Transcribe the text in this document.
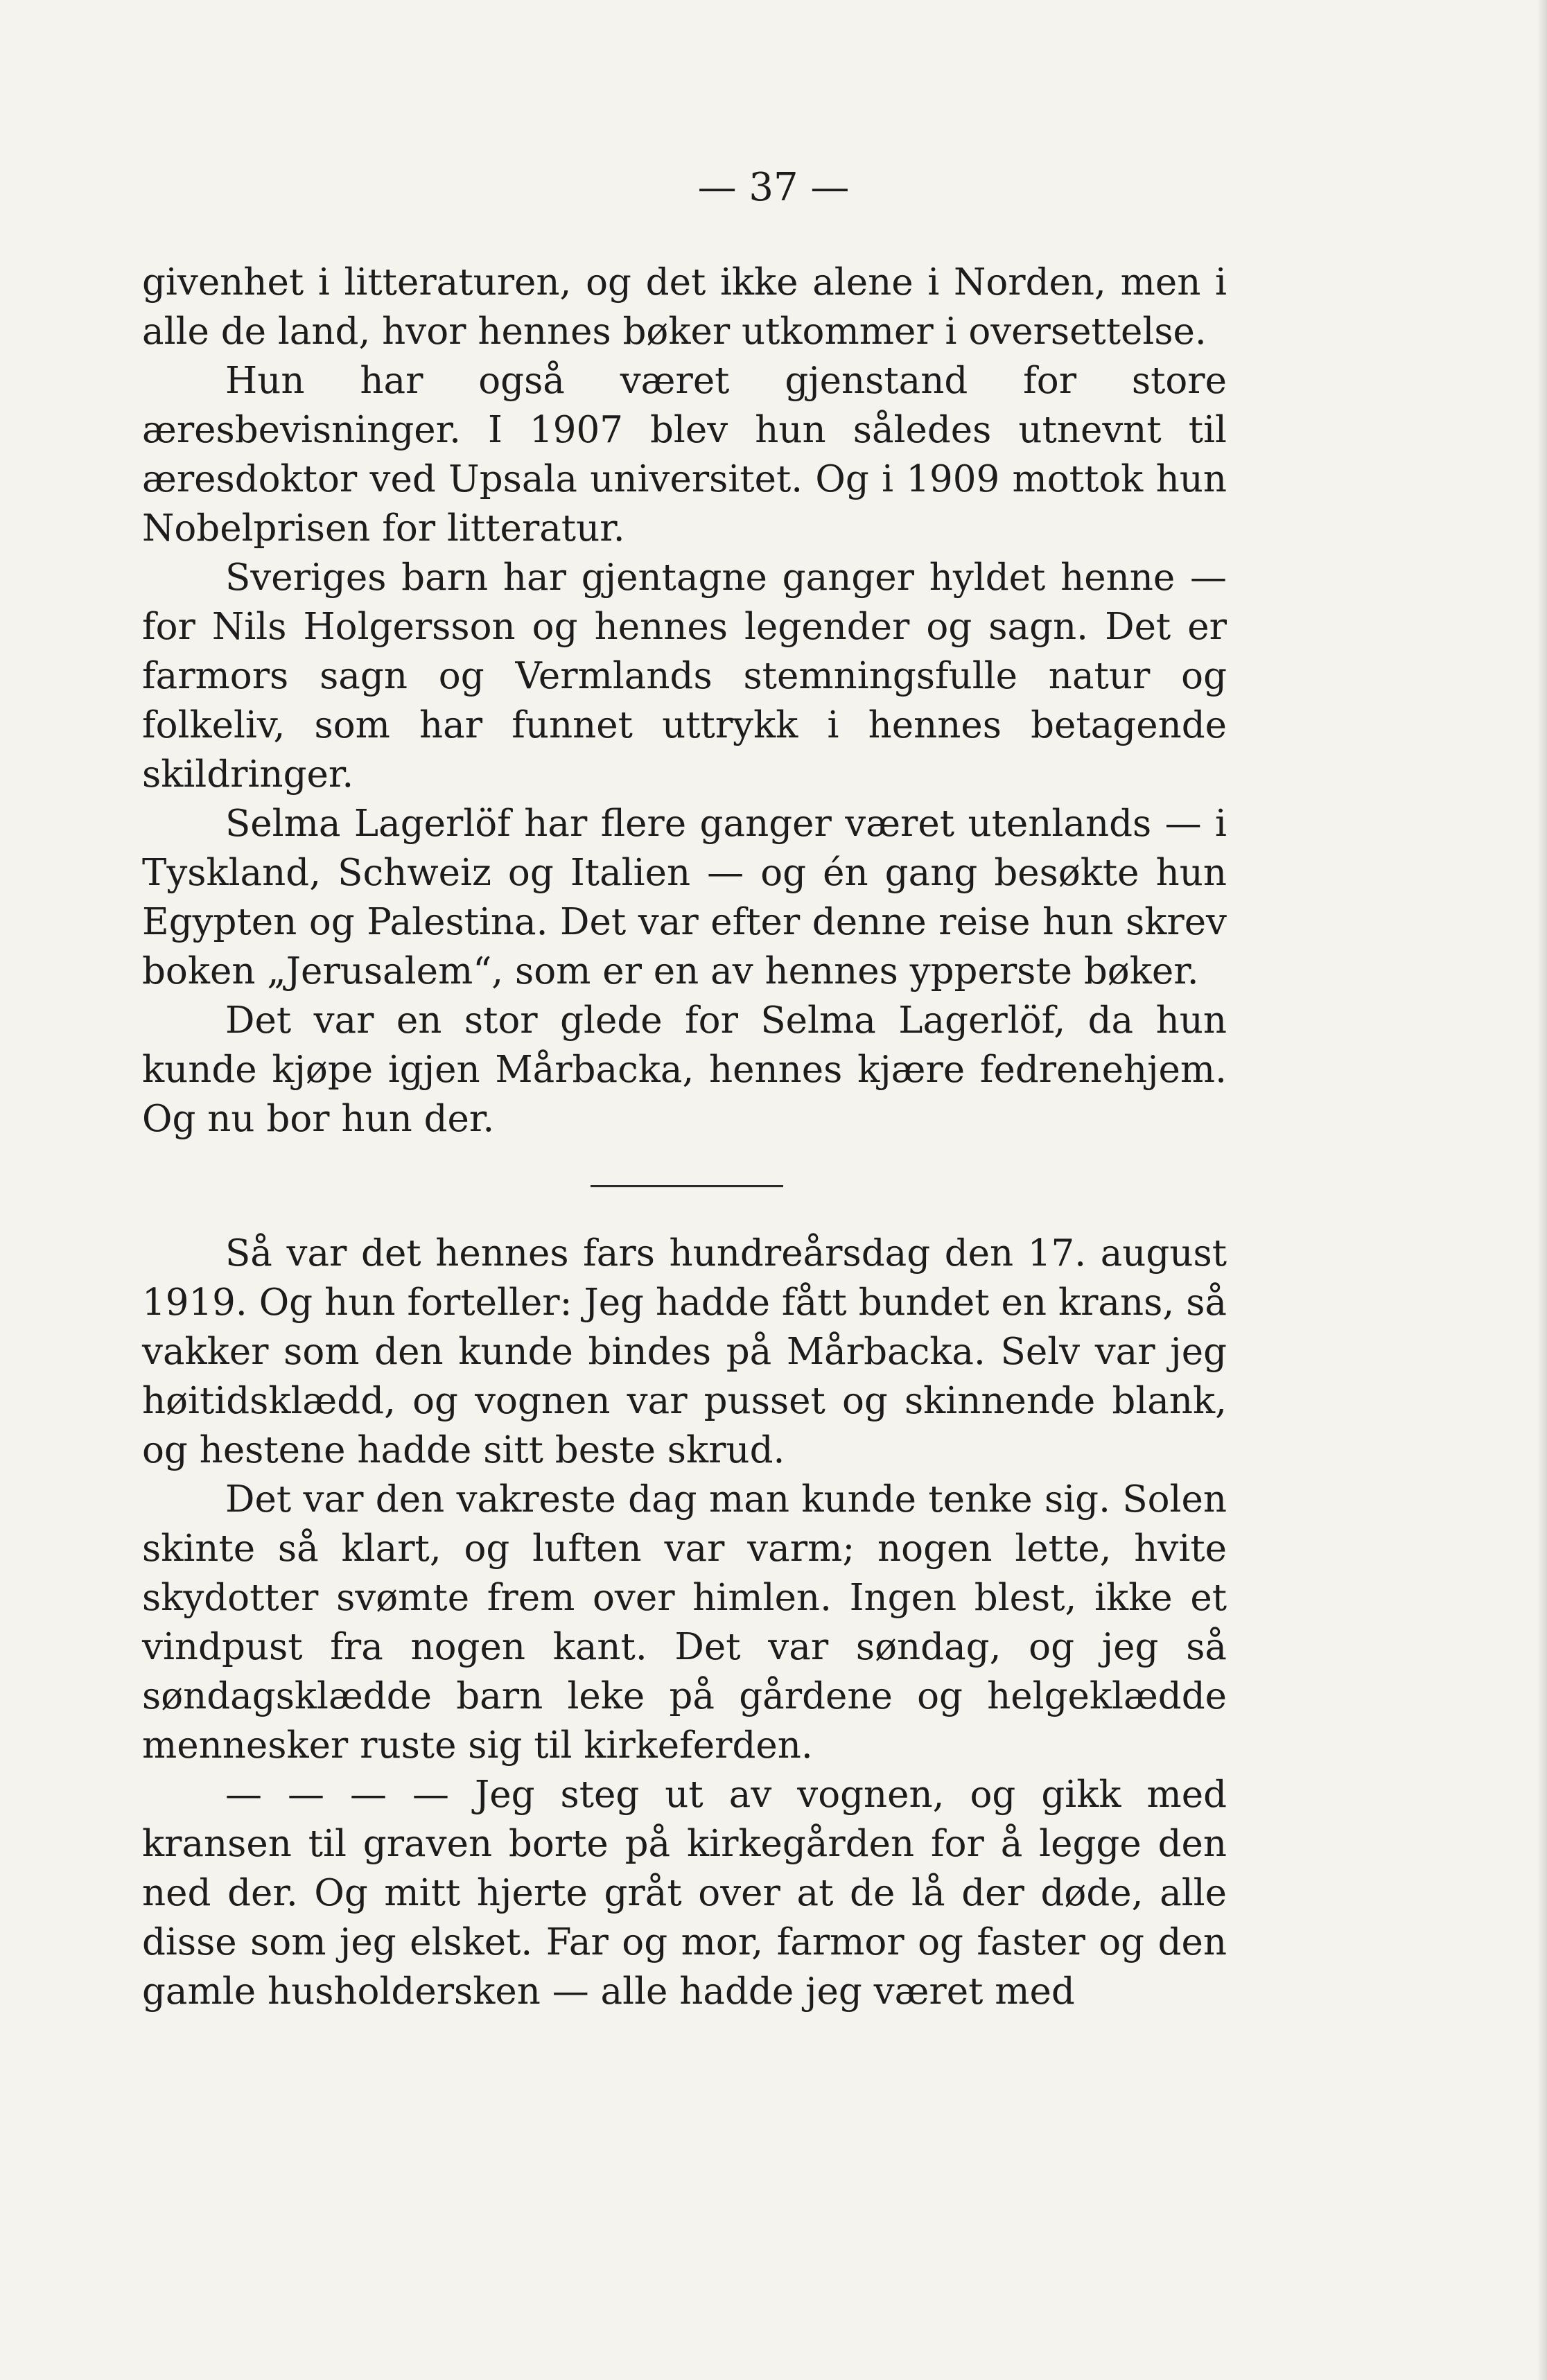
— 37 —

givenhet i litteraturen, og det ikke alene i Norden, men i alle de land, hvor hennes bøker utkommer i oversettelse.

Hun har også været gjenstand for store æresbevisninger. I 1907 blev hun således utnevnt til æresdoktor ved Upsala universitet. Og i 1909 mottok hun Nobelprisen for litteratur.

Sveriges barn har gjentagne ganger hyldet henne — for Nils Holgersson og hennes legender og sagn. Det er farmors sagn og Vermlands stemningsfulle natur og folkeliv, som har funnet uttrykk i hennes betagende skildringer.

Selma Lagerlöf har flere ganger været utenlands — i Tyskland, Schweiz og Italien — og én gang besøkte hun Egypten og Palestina. Det var efter denne reise hun skrev boken „Jerusalem“, som er en av hennes ypperste bøker.

Det var en stor glede for Selma Lagerlöf, da hun kunde kjøpe igjen Mårbacka, hennes kjære fedrenehjem. Og nu bor hun der.

Så var det hennes fars hundreårsdag den 17. august 1919. Og hun forteller: Jeg hadde fått bundet en krans, så vakker som den kunde bindes på Mårbacka. Selv var jeg høitidsklædd, og vognen var pusset og skinnende blank, og hestene hadde sitt beste skrud.

Det var den vakreste dag man kunde tenke sig. Solen skinte så klart, og luften var varm; nogen lette, hvite skydotter svømte frem over himlen. Ingen blest, ikke et vindpust fra nogen kant. Det var søndag, og jeg så søndagsklædde barn leke på gårdene og helgeklædde mennesker ruste sig til kirkeferden.

— — — — Jeg steg ut av vognen, og gikk med kransen til graven borte på kirkegården for å legge den ned der. Og mitt hjerte gråt over at de lå der døde, alle disse som jeg elsket. Far og mor, farmor og faster og den gamle husholdersken — alle hadde jeg været med
